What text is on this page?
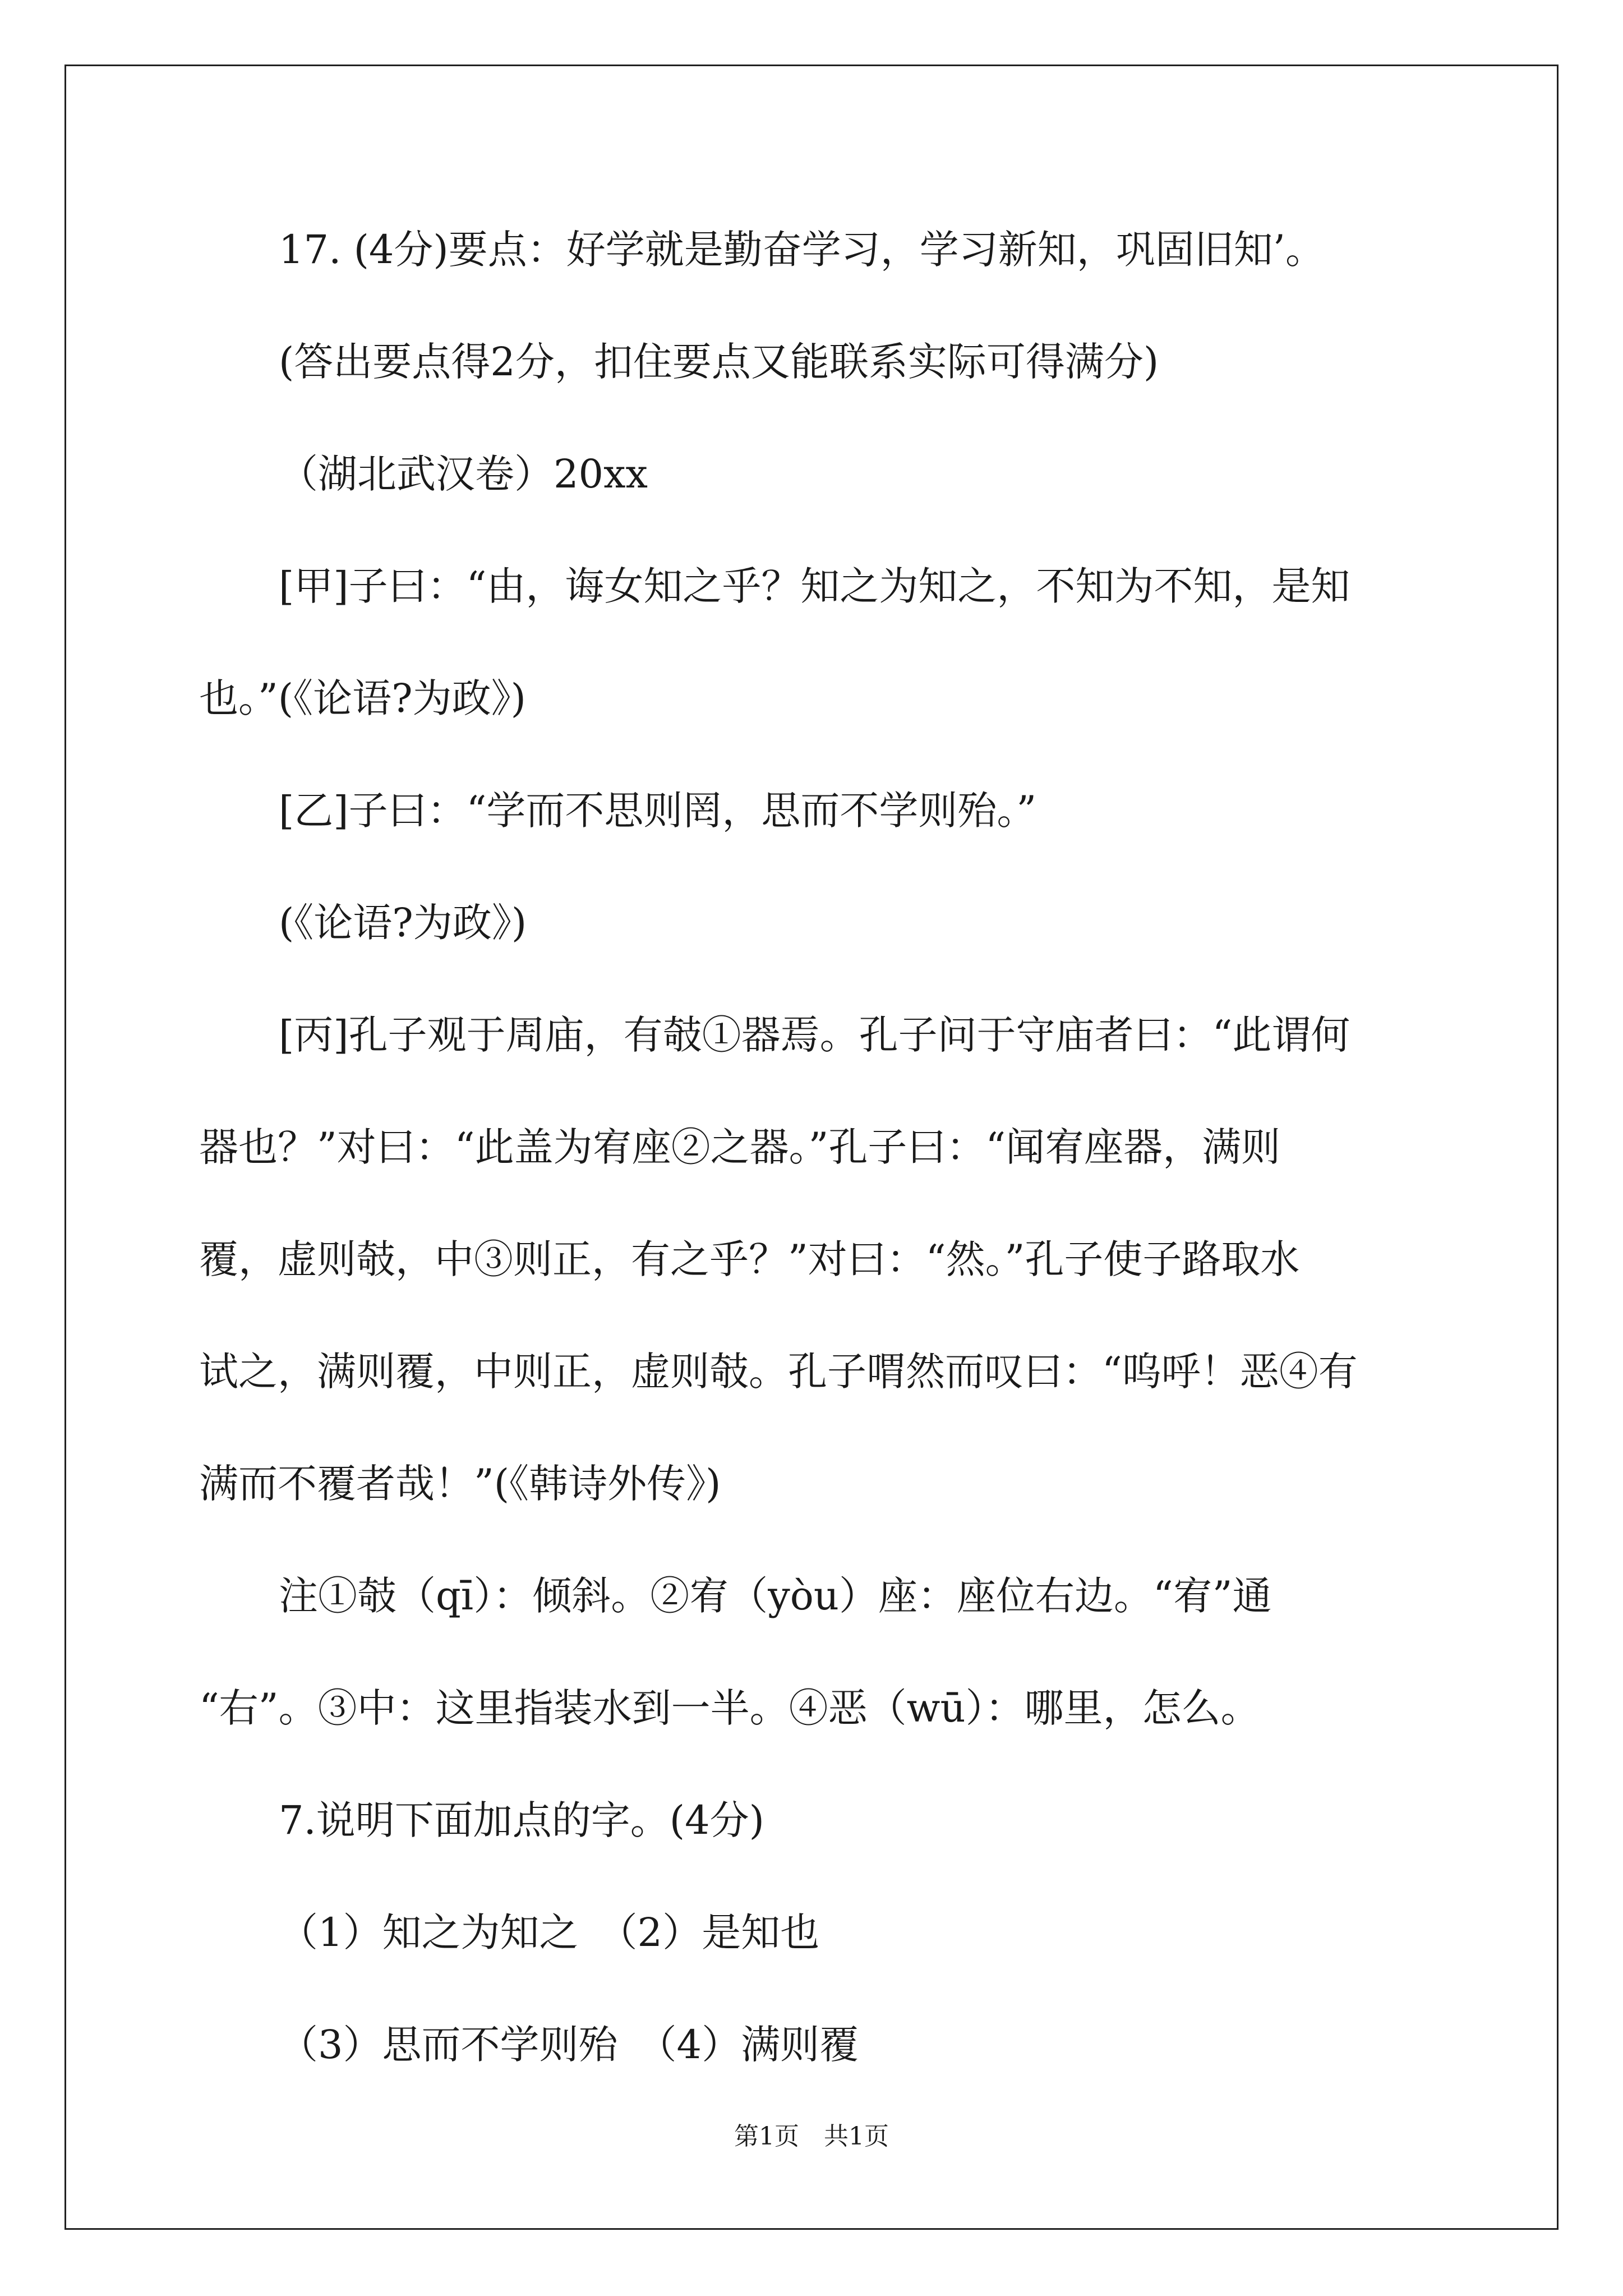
17. (4分)要点：好学就是勤奋学习，学习新知，巩固旧知’。
(答出要点得2分，扣住要点又能联系实际可得满分)
（湖北武汉卷）20xx
[甲]子曰：“由，诲女知之乎？知之为知之，不知为不知，是知
也。”(《论语?为政》)
[乙]子曰：“学而不思则罔，思而不学则殆。”
(《论语?为政》)
[丙]孔子观于周庙，有攲①器焉。孔子问于守庙者曰：“此谓何
器也？”对曰：“此盖为宥座②之器。”孔子曰：“闻宥座器，满则
覆，虚则攲，中③则正，有之乎？”对曰：“然。”孔子使子路取水
试之，满则覆，中则正，虚则攲。孔子喟然而叹曰：“呜呼！恶④有
满而不覆者哉！”(《韩诗外传》)
注①攲（qī）：倾斜。②宥（yòu）座：座位右边。“宥”通
“右”。③中：这里指装水到一半。④恶（wū）：哪里，怎么。
7.说明下面加点的字。(4分)
（1）知之为知之　（2）是知也
（3）思而不学则殆　（4）满则覆
第1页　共1页
